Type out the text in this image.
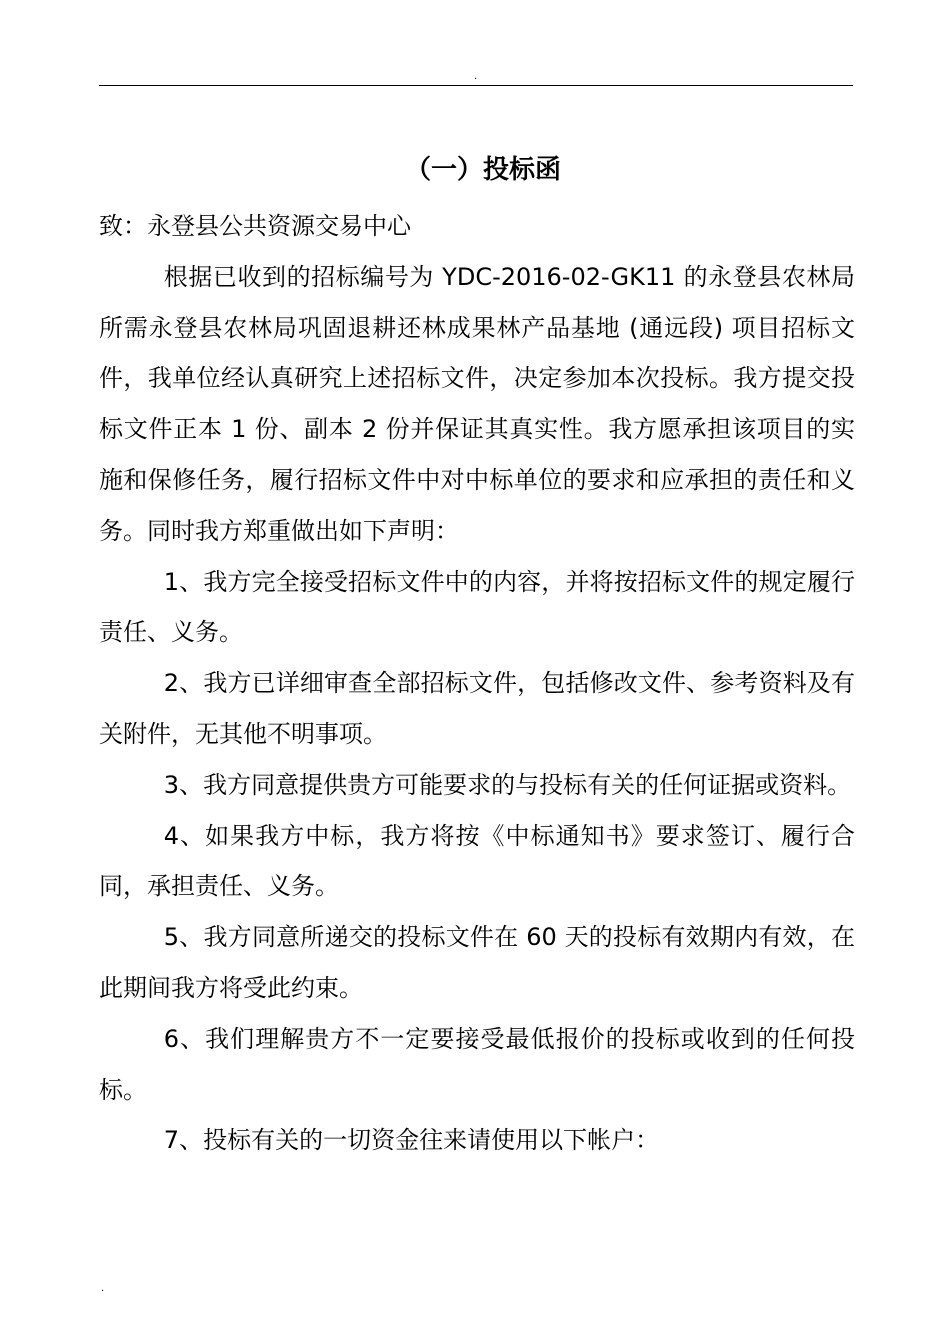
.
（一）投标函

致：永登县公共资源交易中心

根据已收到的招标编号为 YDC-2016-02-GK11 的永登县农林局所需永登县农林局巩固退耕还林成果林产品基地 (通远段) 项目招标文件，我单位经认真研究上述招标文件，决定参加本次投标。我方提交投标文件正本 1 份、副本 2 份并保证其真实性。我方愿承担该项目的实施和保修任务，履行招标文件中对中标单位的要求和应承担的责任和义务。同时我方郑重做出如下声明：

1、我方完全接受招标文件中的内容，并将按招标文件的规定履行责任、义务。

2、我方已详细审查全部招标文件，包括修改文件、参考资料及有关附件，无其他不明事项。

3、我方同意提供贵方可能要求的与投标有关的任何证据或资料。

4、如果我方中标，我方将按《中标通知书》要求签订、履行合同，承担责任、义务。

5、我方同意所递交的投标文件在 60 天的投标有效期内有效，在此期间我方将受此约束。

6、我们理解贵方不一定要接受最低报价的投标或收到的任何投标。

7、投标有关的一切资金往来请使用以下帐户：

.
